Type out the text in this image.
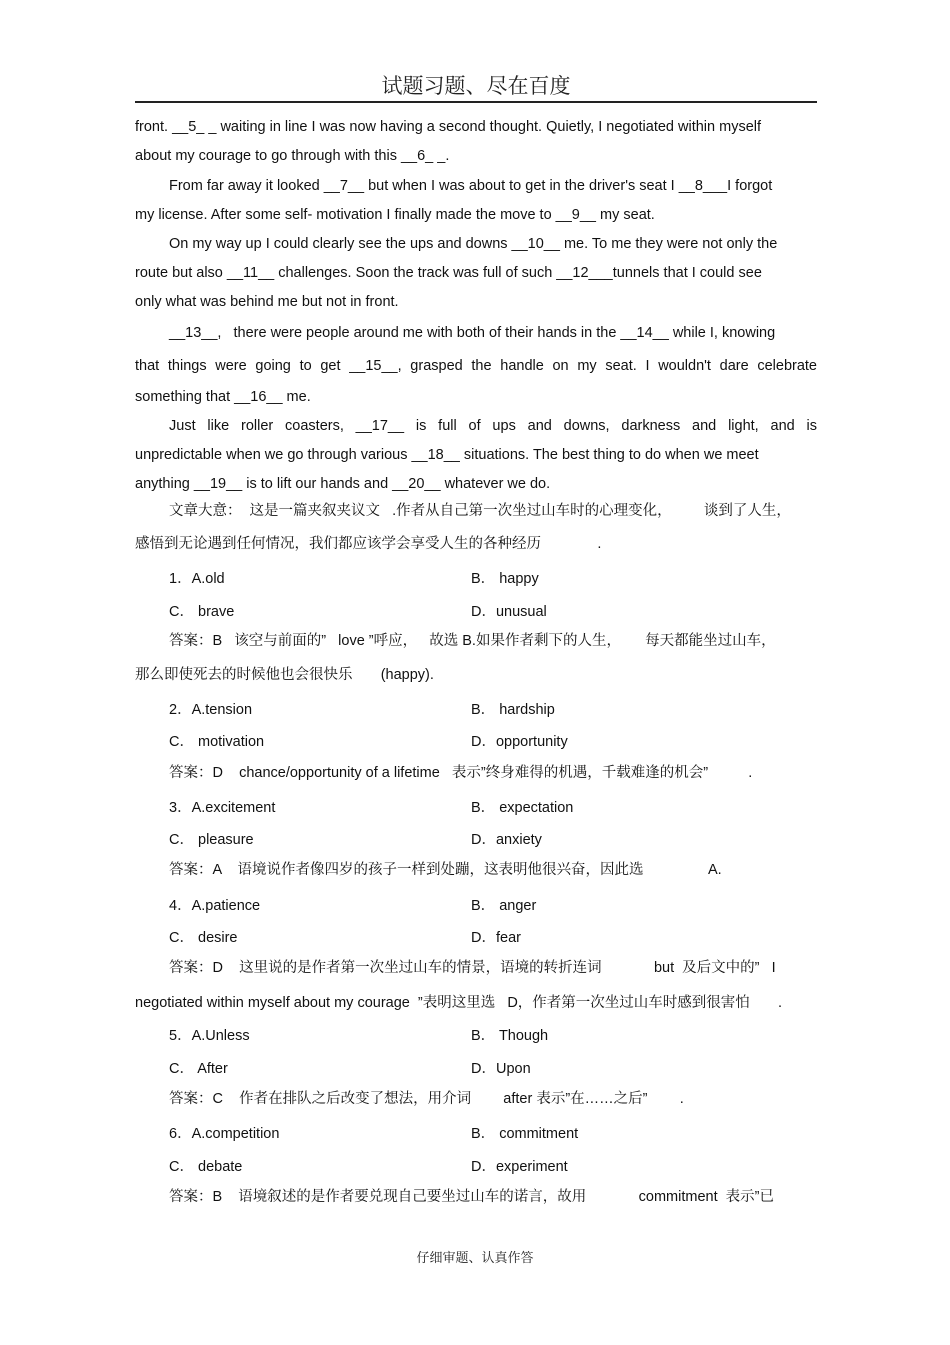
试题习题、尽在百度
front. __5_ _ waiting in line I was now having a second thought. Quietly, I negotiated within myself
about my courage to go through with this __6_ _.
From far away it looked __7__ but when I was about to get in the driver's seat I __8___I forgot
my license. After some self- motivation I finally made the move to __9__ my seat.
On my way up I could clearly see the ups and downs __10__ me. To me they were not only the
route but also __11__ challenges. Soon the track was full of such __12___tunnels that I could see
only what was behind me but not in front.
__13__,   there were people around me with both of their hands in the __14__ while I, knowing
that things were going to get __15__, grasped the handle on my seat. I wouldn't dare celebrate
something that __16__ me.
Just like roller coasters, __17__ is full of ups and downs, darkness and light, and is
unpredictable when we go through various __18__ situations. The best thing to do when we meet
anything __19__ is to lift our hands and __20__ whatever we do.
文章大意：  这是一篇夹叙夹议文   .作者从自己第一次坐过山车时的心理变化，        谈到了人生，
感悟到无论遇到任何情况，我们都应该学会享受人生的各种经历              .
1．A.old	B． happy
C． brave	D．unusual
答案：B   该空与前面的”   love ”呼应，   故选 B.如果作者剩下的人生，      每天都能坐过山车，
那么即使死去的时候他也会很快乐       (happy).
2．A.tension	B． hardship
C． motivation	D．opportunity
答案：D    chance/opportunity of a lifetime   表示”终身难得的机遇，千载难逢的机会”          .
3．A.excitement	B． expectation
C． pleasure	D．anxiety
答案：A    语境说作者像四岁的孩子一样到处蹦，这表明他很兴奋，因此选                A.
4．A.patience	B． anger
C． desire	D．fear
答案：D    这里说的是作者第一次坐过山车的情景，语境的转折连词             but  及后文中的”   I
negotiated within myself about my courage  ”表明这里选   D，作者第一次坐过山车时感到很害怕       .
5．A.Unless	B． Though
C． After	D．Upon
答案：C    作者在排队之后改变了想法，用介词        after 表示”在……之后”        .
6．A.competition	B． commitment
C． debate	D．experiment
答案：B    语境叙述的是作者要兑现自己要坐过山车的诺言，故用             commitment  表示”已
仔细审题、认真作答
